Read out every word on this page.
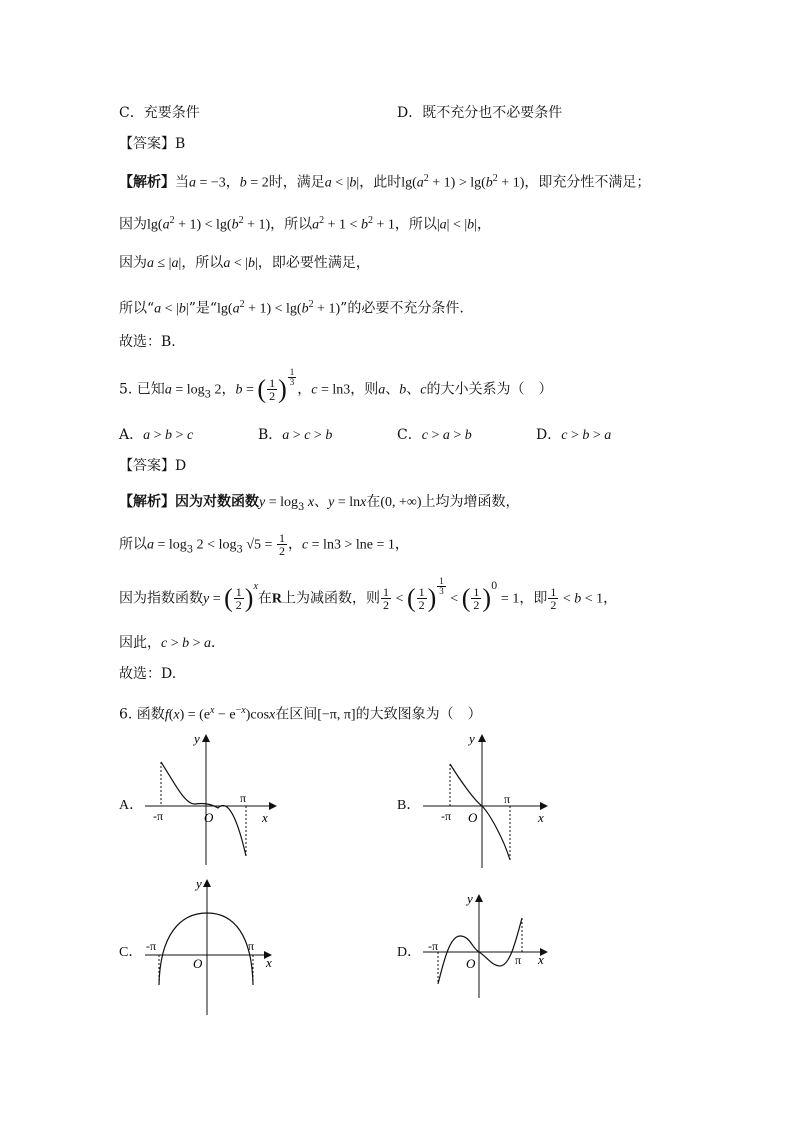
C．充要条件	D．既不充分也不必要条件
【答案】B
【解析】当a = −3，b = 2时，满足a < |b|，此时$\lg(a^2 + 1) > \lg(b^2 + 1)$，即充分性不满足；
因为$\lg(a^2 + 1) < \lg(b^2 + 1)$，所以$a^2 + 1 < b^2 + 1$，所以|a| < |b|，
因为a ≤ |a|，所以a < |b|，即必要性满足，
所以“a < |b|”是“$\lg(a^2 + 1) < \lg(b^2 + 1)$”的必要不充分条件.
故选：B.
5. 已知$a = \log_3 2$，b = ( $\frac{1}{2}$ ) $^{\frac{1}{3}}$
，c = ln3，则a、b、c的大小关系为（　）
A．a > b > c	B．a > c > b	C．c > a > b	D．c > b > a
【答案】D
【解析】因为对数函数$y = \log_3 x$、y = lnx在(0, +∞)上均为增函数，
所以$a = \log_3 2 < \log_3 √5 = \frac{1}{2}$ ，c = ln3 > lne = 1，
因为指数函数y = ( $\frac{1}{2} )^x$在R上为减函数，则 $\frac{1}{2}$ < ( $\frac{1}{2}$ ) $^{\frac{1}{3}}$
< ( $\frac{1}{2} )^0 = 1$，即 $\frac{1}{2} < b < 1$，
因此，c > b > a．
故选：D.
6. 函数$f(x) = (e^x - e^{-x})\cos x$在区间[−π, π]的大致图象为（　）
A．
y
x
O
-π
π	B．
y
x
O
-π
π
C．
y
x
O
-π	π	D．
y
x
O
-π
π
